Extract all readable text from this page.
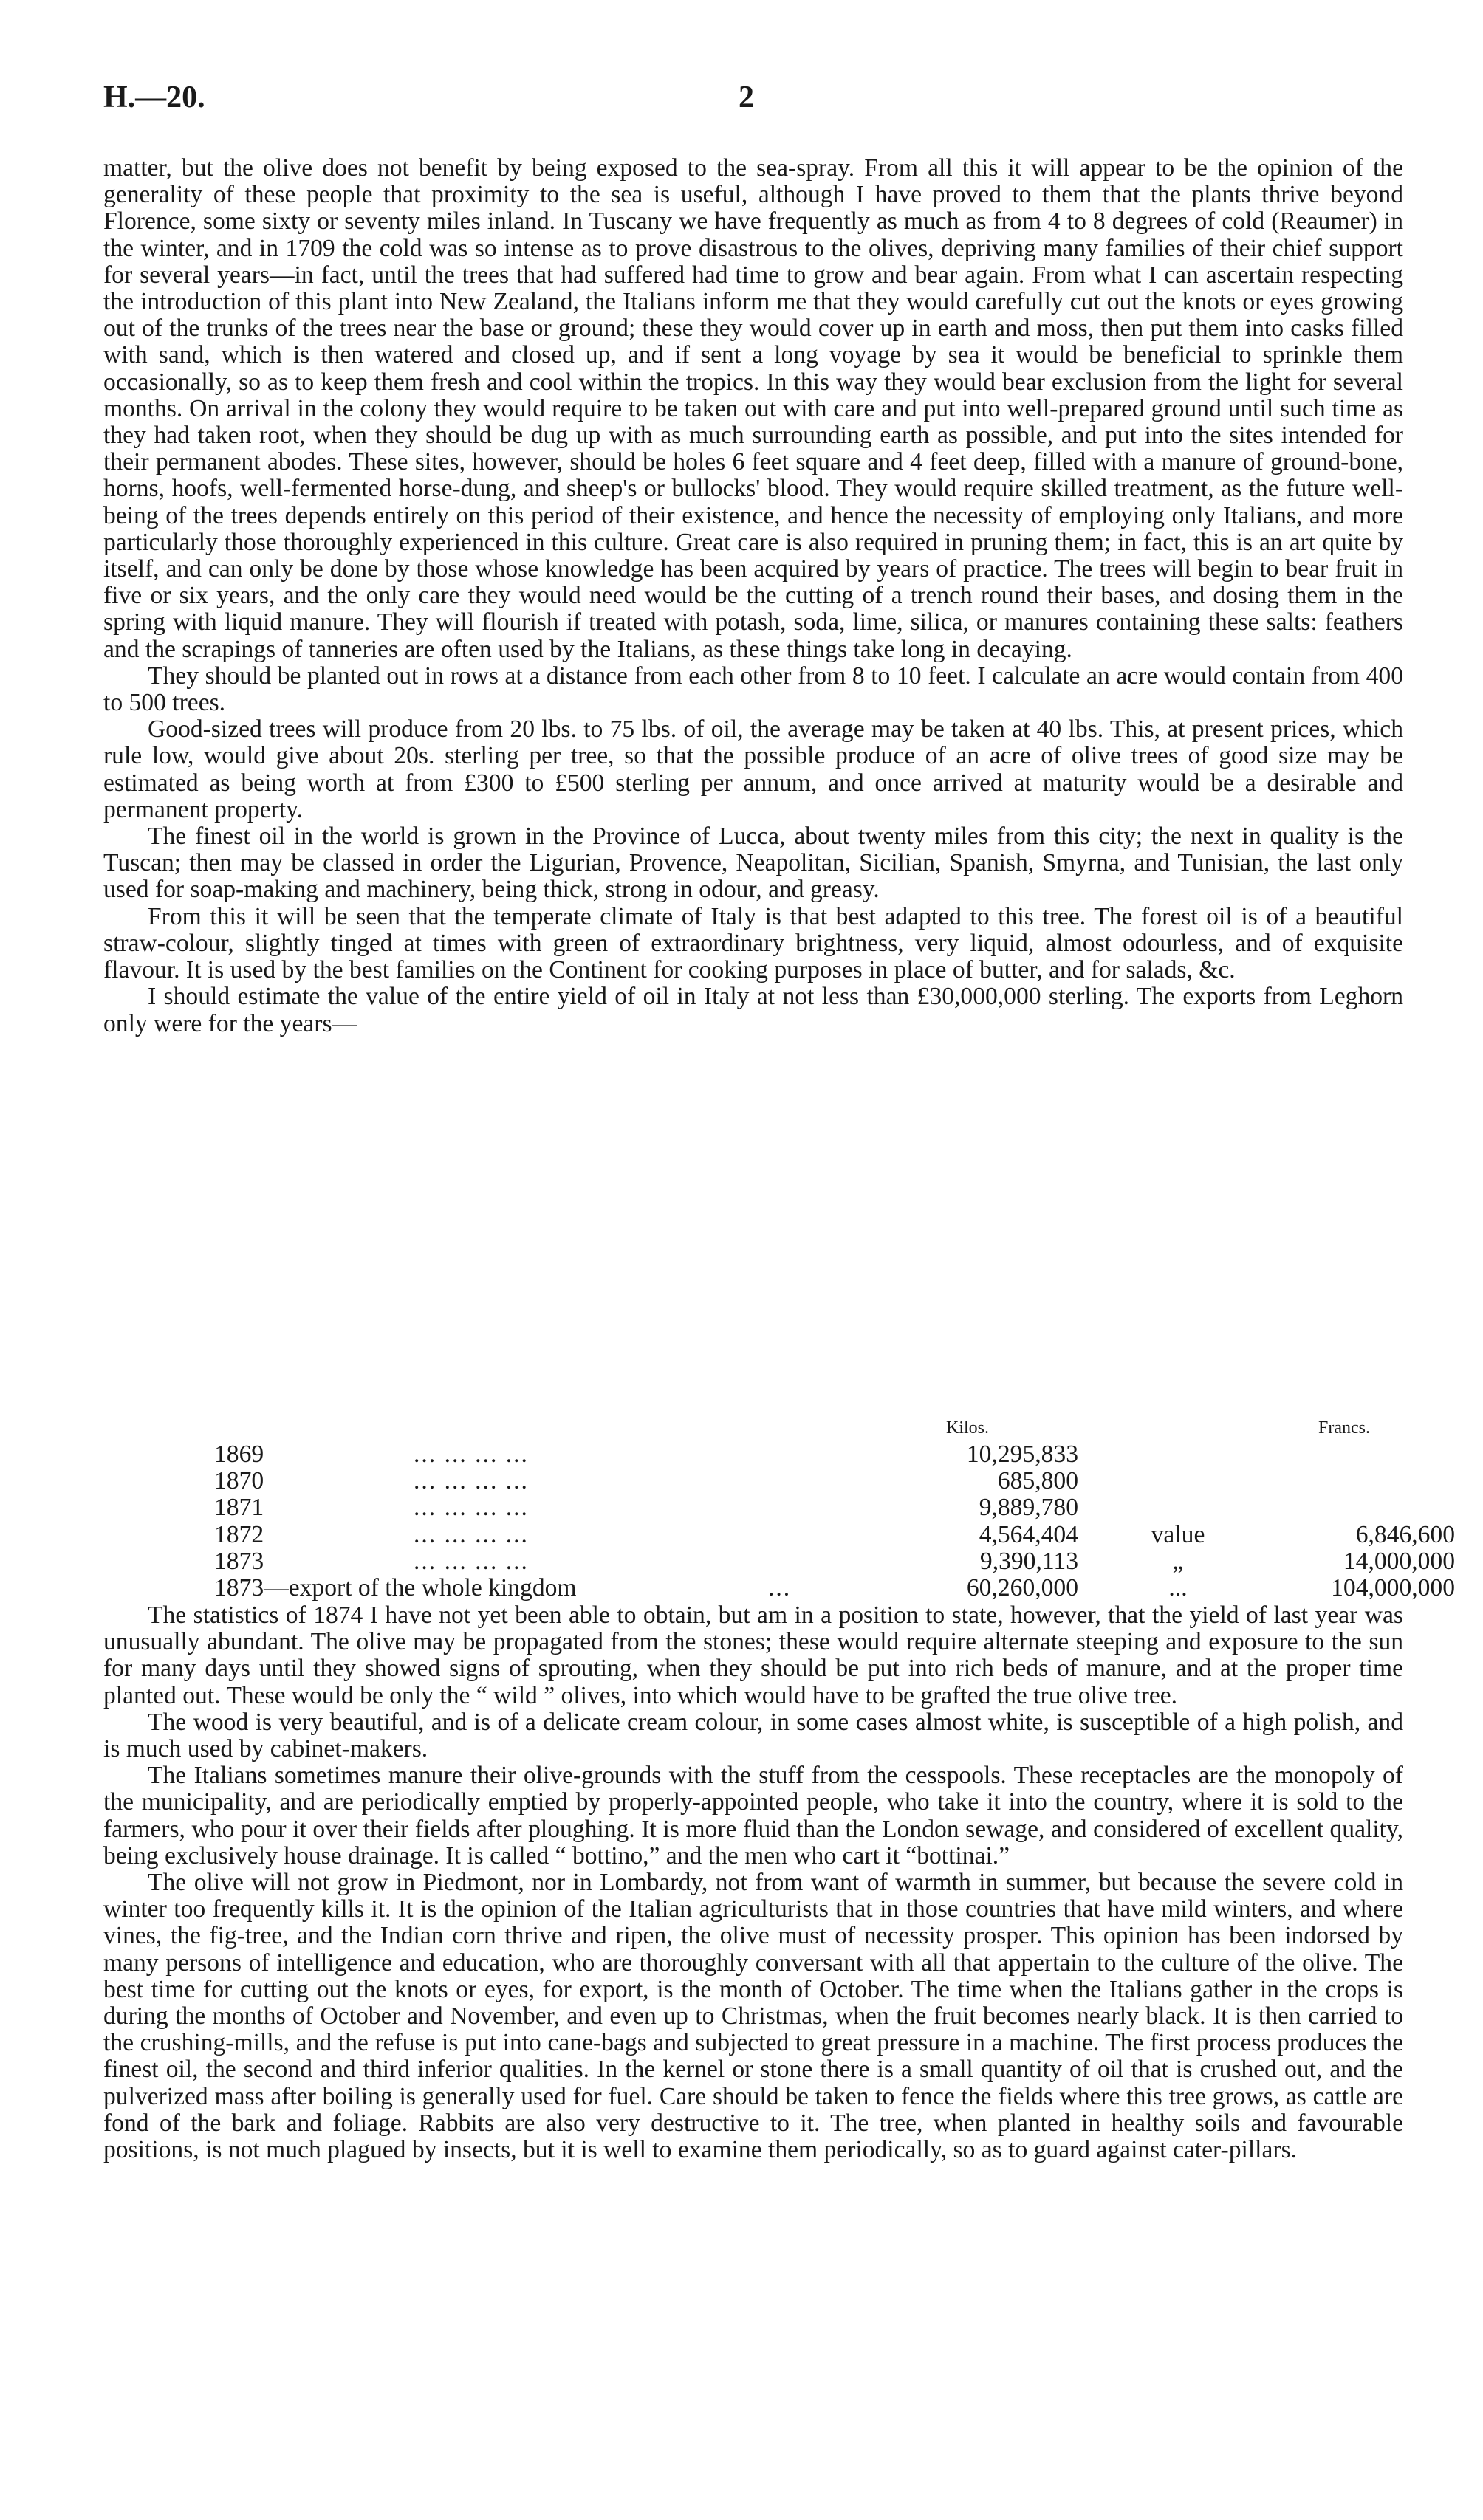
H.—20.	2

matter, but the olive does not benefit by being exposed to the sea-spray. From all this it will appear to be the opinion of the generality of these people that proximity to the sea is useful, although I have proved to them that the plants thrive beyond Florence, some sixty or seventy miles inland. In Tuscany we have frequently as much as from 4 to 8 degrees of cold (Reaumer) in the winter, and in 1709 the cold was so intense as to prove disastrous to the olives, depriving many families of their chief support for several years—in fact, until the trees that had suffered had time to grow and bear again. From what I can ascertain respecting the introduction of this plant into New Zealand, the Italians inform me that they would carefully cut out the knots or eyes growing out of the trunks of the trees near the base or ground; these they would cover up in earth and moss, then put them into casks filled with sand, which is then watered and closed up, and if sent a long voyage by sea it would be beneficial to sprinkle them occasionally, so as to keep them fresh and cool within the tropics. In this way they would bear exclusion from the light for several months. On arrival in the colony they would require to be taken out with care and put into well-prepared ground until such time as they had taken root, when they should be dug up with as much surrounding earth as possible, and put into the sites intended for their permanent abodes. These sites, however, should be holes 6 feet square and 4 feet deep, filled with a manure of ground-bone, horns, hoofs, well-fermented horse-dung, and sheep's or bullocks' blood. They would require skilled treatment, as the future well-being of the trees depends entirely on this period of their existence, and hence the necessity of employing only Italians, and more particularly those thoroughly experienced in this culture. Great care is also required in pruning them; in fact, this is an art quite by itself, and can only be done by those whose knowledge has been acquired by years of practice. The trees will begin to bear fruit in five or six years, and the only care they would need would be the cutting of a trench round their bases, and dosing them in the spring with liquid manure. They will flourish if treated with potash, soda, lime, silica, or manures containing these salts: feathers and the scrapings of tanneries are often used by the Italians, as these things take long in decaying.

They should be planted out in rows at a distance from each other from 8 to 10 feet. I calculate an acre would contain from 400 to 500 trees.

Good-sized trees will produce from 20 lbs. to 75 lbs. of oil, the average may be taken at 40 lbs. This, at present prices, which rule low, would give about 20s. sterling per tree, so that the possible produce of an acre of olive trees of good size may be estimated as being worth at from £300 to £500 sterling per annum, and once arrived at maturity would be a desirable and permanent property.

The finest oil in the world is grown in the Province of Lucca, about twenty miles from this city; the next in quality is the Tuscan; then may be classed in order the Ligurian, Provence, Neapolitan, Sicilian, Spanish, Smyrna, and Tunisian, the last only used for soap-making and machinery, being thick, strong in odour, and greasy.

From this it will be seen that the temperate climate of Italy is that best adapted to this tree. The forest oil is of a beautiful straw-colour, slightly tinged at times with green of extraordinary brightness, very liquid, almost odourless, and of exquisite flavour. It is used by the best families on the Continent for cooking purposes in place of butter, and for salads, &c.

I should estimate the value of the entire yield of oil in Italy at not less than £30,000,000 sterling. The exports from Leghorn only were for the years—

Kilos.	Francs.
1869	... ... ... ...	10,295,833
1870	... ... ... ...	685,800
1871	... ... ... ...	9,889,780
1872	... ... ... ...	4,564,404	value	6,846,600
1873	... ... ... ...	9,390,113	„	14,000,000
1873—export of the whole kingdom	...	60,260,000	...	104,000,000

The statistics of 1874 I have not yet been able to obtain, but am in a position to state, however, that the yield of last year was unusually abundant. The olive may be propagated from the stones; these would require alternate steeping and exposure to the sun for many days until they showed signs of sprouting, when they should be put into rich beds of manure, and at the proper time planted out. These would be only the “ wild ” olives, into which would have to be grafted the true olive tree.

The wood is very beautiful, and is of a delicate cream colour, in some cases almost white, is susceptible of a high polish, and is much used by cabinet-makers.

The Italians sometimes manure their olive-grounds with the stuff from the cesspools. These receptacles are the monopoly of the municipality, and are periodically emptied by properly-appointed people, who take it into the country, where it is sold to the farmers, who pour it over their fields after ploughing. It is more fluid than the London sewage, and considered of excellent quality, being exclusively house drainage. It is called “ bottino,” and the men who cart it “bottinai.”

The olive will not grow in Piedmont, nor in Lombardy, not from want of warmth in summer, but because the severe cold in winter too frequently kills it. It is the opinion of the Italian agriculturists that in those countries that have mild winters, and where vines, the fig-tree, and the Indian corn thrive and ripen, the olive must of necessity prosper. This opinion has been indorsed by many persons of intelligence and education, who are thoroughly conversant with all that appertain to the culture of the olive. The best time for cutting out the knots or eyes, for export, is the month of October. The time when the Italians gather in the crops is during the months of October and November, and even up to Christmas, when the fruit becomes nearly black. It is then carried to the crushing-mills, and the refuse is put into cane-bags and subjected to great pressure in a machine. The first process produces the finest oil, the second and third inferior qualities. In the kernel or stone there is a small quantity of oil that is crushed out, and the pulverized mass after boiling is generally used for fuel. Care should be taken to fence the fields where this tree grows, as cattle are fond of the bark and foliage. Rabbits are also very destructive to it. The tree, when planted in healthy soils and favourable positions, is not much plagued by insects, but it is well to examine them periodically, so as to guard against cater-pillars.
